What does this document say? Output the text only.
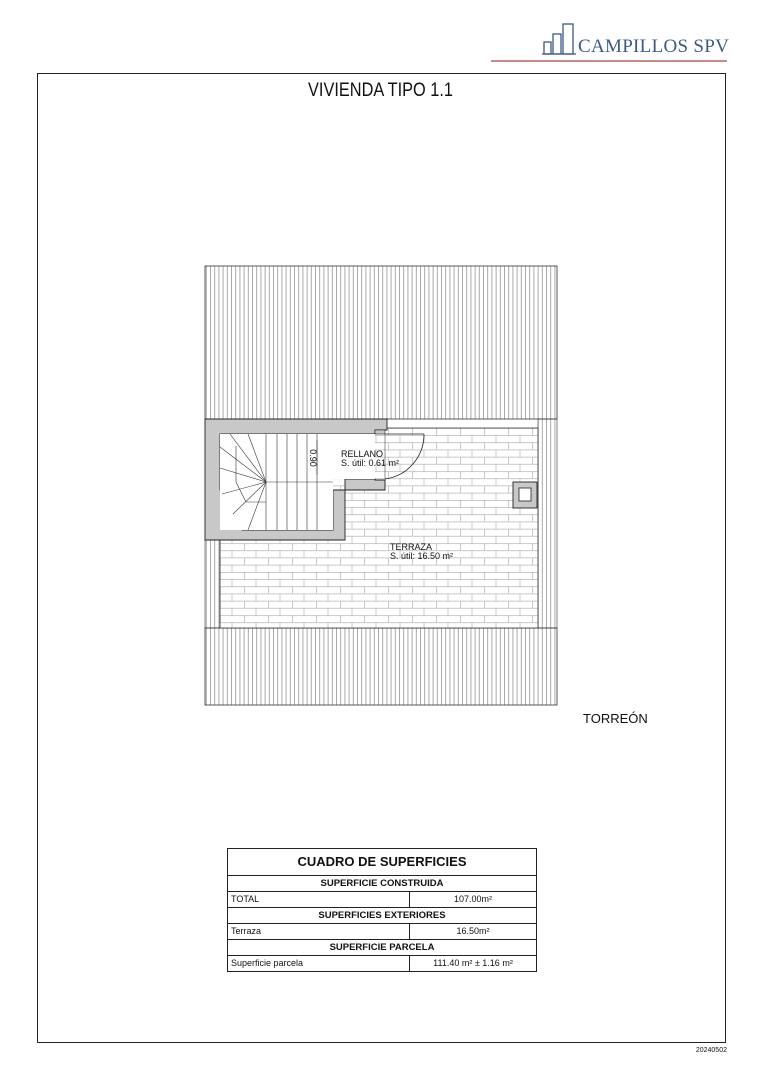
CAMPILLOS SPV
VIVIENDA TIPO 1.1
RELLANO
S. útil: 0.61 m²
0.90
TERRAZA
S. útil: 16.50 m²
TORREÓN
CUADRO DE SUPERFICIES
SUPERFICIE CONSTRUIDA
TOTAL	107.00m²
SUPERFICIES EXTERIORES
Terraza	16.50m²
SUPERFICIE PARCELA
Superficie parcela	111.40 m² ± 1.16 m²
20240502
